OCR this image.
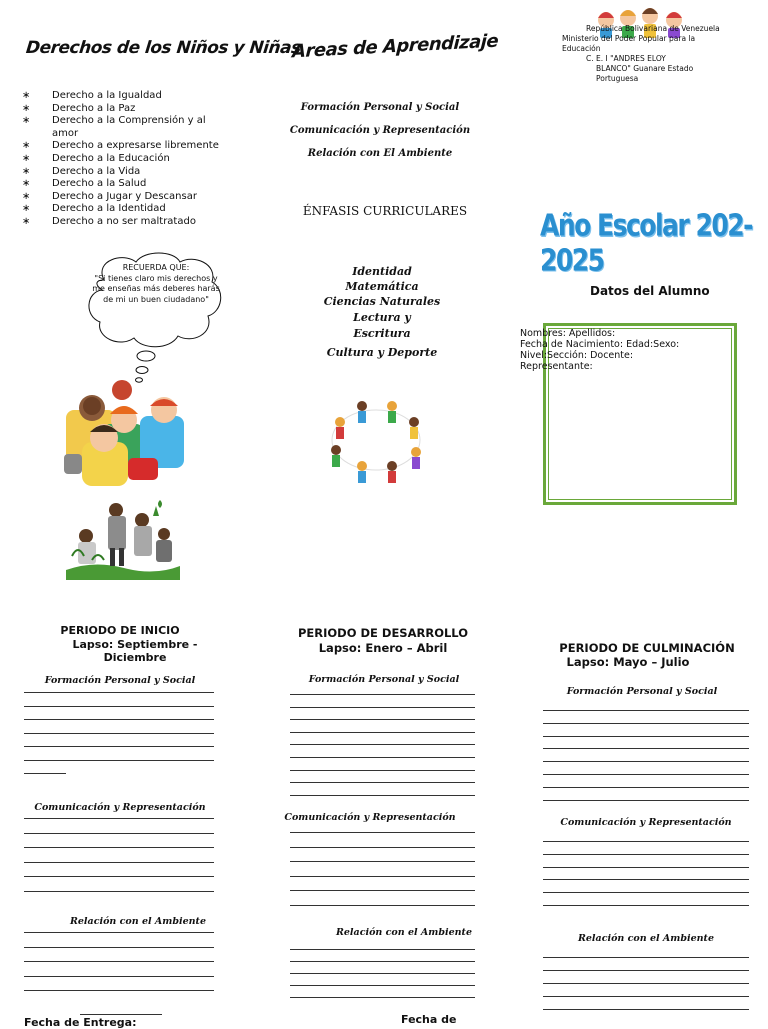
Derechos de los Niños y Niñas
∗ Derecho a la Igualdad
∗ Derecho a la Paz
∗ Derecho a la Comprensión y al amor
∗ Derecho a expresarse libremente
∗ Derecho a la Educación
∗ Derecho a la Vida
∗ Derecho a la Salud
∗ Derecho a Jugar y Descansar
∗ Derecho a la Identidad
∗ Derecho a no ser maltratado
RECUERDA QUE:
"Si tienes claro mis derechos y me enseñas más deberes harás de mi un buen ciudadano"
Areas de Aprendizaje
Formación Personal y Social
Comunicación y Representación
Relación con El Ambiente
ÉNFASIS CURRICULARES
Identidad
Matemática
Ciencias Naturales
Lectura y
Escritura
Cultura y Deporte
República Bolivariana de Venezuela
Ministerio del Poder Popular para la
Educación
C. E. I "ANDRES ELOY
BLANCO" Guanare Estado
Portuguesa
Año Escolar 202-2025
Datos del Alumno
Nombres: Apellidos:
Fecha de Nacimiento: Edad:Sexo:
Nivel:Sección: Docente:
Representante:
PERIODO DE INICIO
Lapso: Septiembre - Diciembre
Formación Personal y Social
Comunicación y Representación
Relación con el Ambiente
Fecha de Entrega:
PERIODO DE DESARROLLO
Lapso: Enero – Abril
Formación Personal y Social
Comunicación y Representación
Relación con el Ambiente
Fecha de
PERIODO DE CULMINACIÓN
Lapso: Mayo – Julio
Formación Personal y Social
Comunicación y Representación
Relación con el Ambiente
